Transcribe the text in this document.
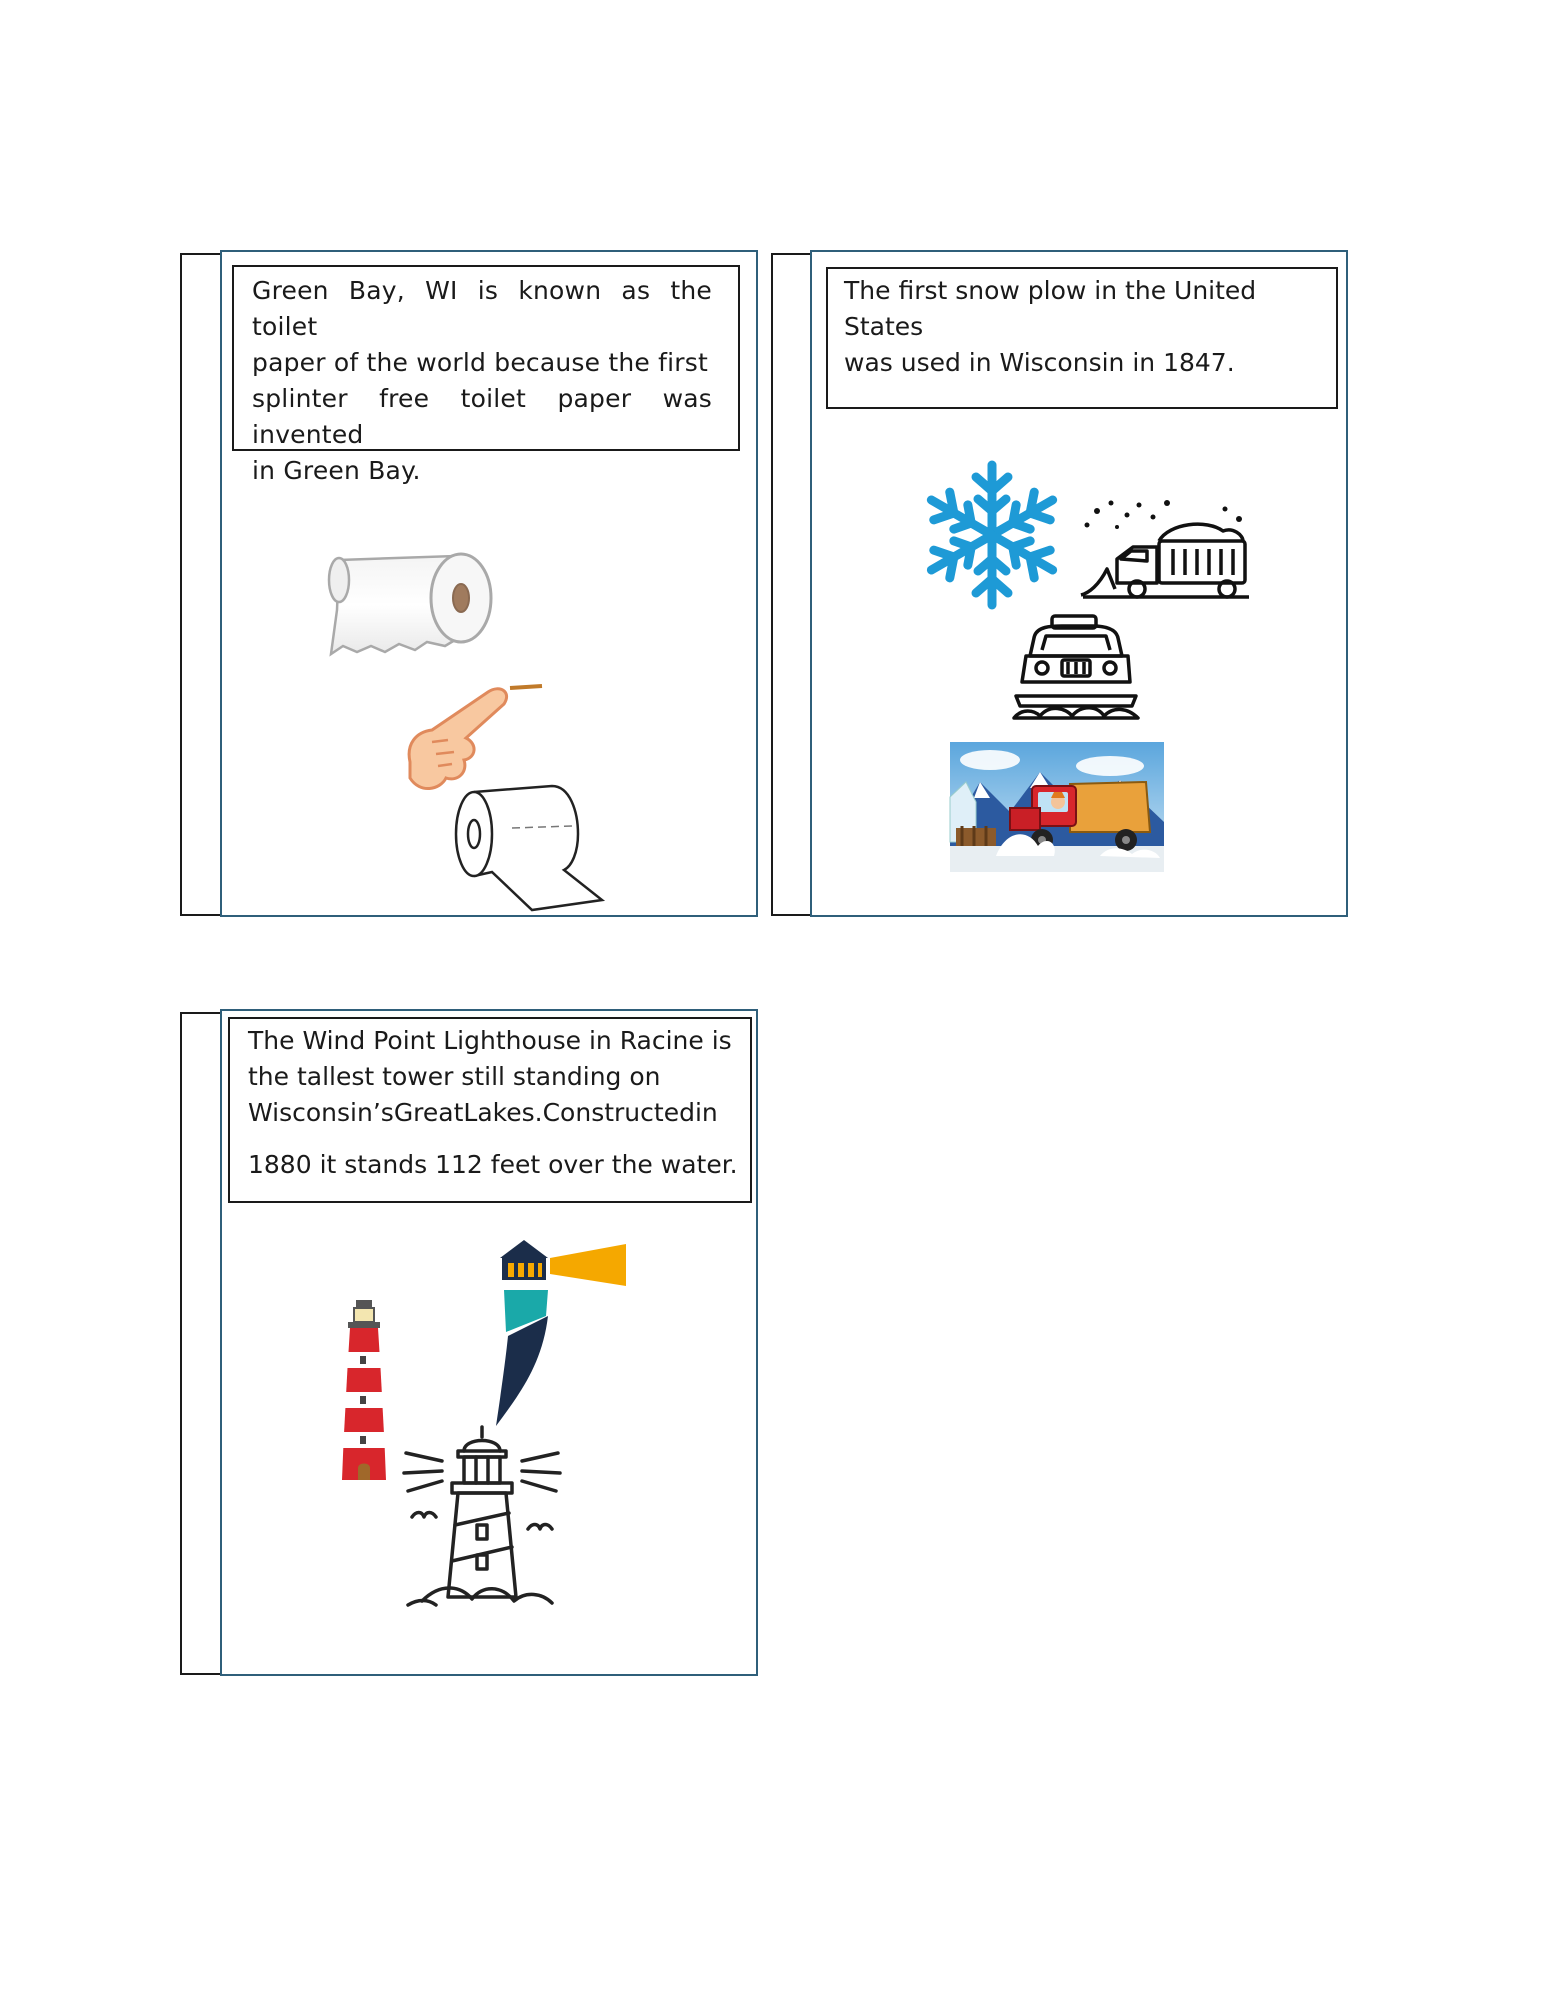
Green Bay, WI is known as the toilet
paper of the world because the first
splinter free toilet paper was invented
in Green Bay.
The first snow plow in the United States
was used in Wisconsin in 1847.
The Wind Point Lighthouse in Racine is
the tallest tower still standing on
Wisconsin’sGreatLakes.Constructedin
1880 it stands 112 feet over the water.
